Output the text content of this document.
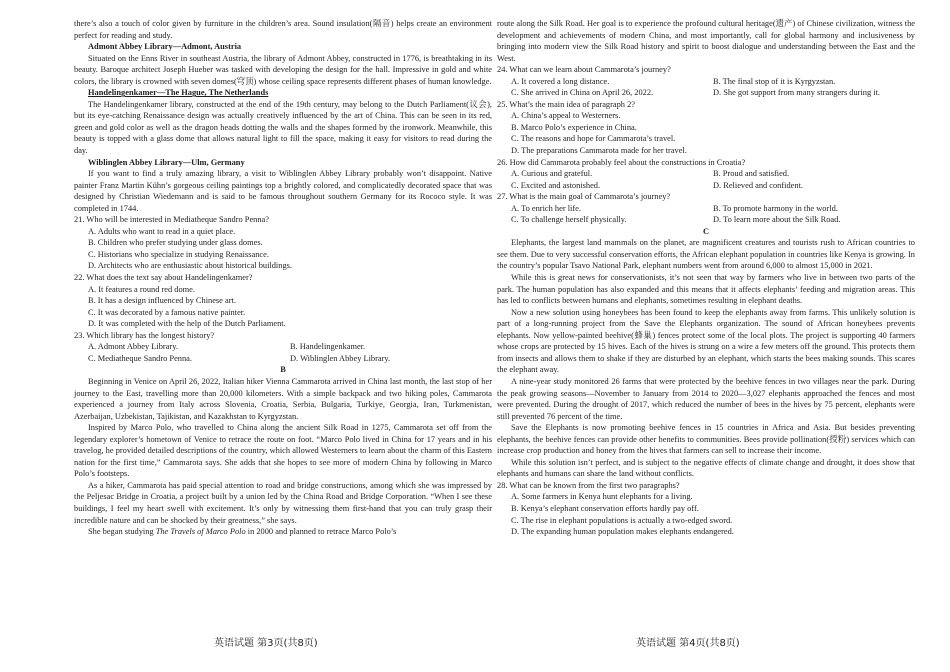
there’s also a touch of color given by furniture in the children’s area. Sound insulation(隔音) helps create an environment perfect for reading and study.

Admont Abbey Library—Admont, Austria

Situated on the Enns River in southeast Austria, the library of Admont Abbey, constructed in 1776, is breathtaking in its beauty. Baroque architect Joseph Hueber was tasked with developing the design for the hall. Impressive in gold and white colors, the library is crowned with seven domes(穹顶) whose ceiling space represents different phases of human knowledge.

Handelingenkamer—The Hague, The Netherlands

The Handelingenkamer library, constructed at the end of the 19th century, may belong to the Dutch Parliament(议会), but its eye-catching Renaissance design was actually creatively influenced by the art of China. This can be seen in its red, green and gold color as well as the dragon heads dotting the walls and the shapes formed by the ironwork. Meanwhile, this beauty is topped with a glass dome that allows natural light to fill the space, making it easy for visitors to read during the day.

Wiblinglen Abbey Library—Ulm, Germany

If you want to find a truly amazing library, a visit to Wiblinglen Abbey Library probably won’t disappoint. Native painter Franz Martin Kühn’s gorgeous ceiling paintings top a brightly colored, and complicatedly decorated space that was designed by Christian Wiedemann and is said to be famous throughout southern Germany for its Rococo style. It was completed in 1744.

21. Who will be interested in Mediatheque Sandro Penna?

A. Adults who want to read in a quiet place.

B. Children who prefer studying under glass domes.

C. Historians who specialize in studying Renaissance.

D. Architects who are enthusiastic about historical buildings.

22. What does the text say about Handelingenkamer?

A. It features a round red dome.

B. It has a design influenced by Chinese art.

C. It was decorated by a famous native painter.

D. It was completed with the help of the Dutch Parliament.

23. Which library has the longest history?

A. Admont Abbey Library.	B. Handelingenkamer.
C. Mediatheque Sandro Penna.	D. Wiblinglen Abbey Library.

B

Beginning in Venice on April 26, 2022, Italian hiker Vienna Cammarota arrived in China last month, the last stop of her journey to the East, travelling more than 20,000 kilometers. With a simple backpack and two hiking poles, Cammarota experienced a journey from Italy across Slovenia, Croatia, Serbia, Bulgaria, Turkiye, Georgia, Iran, Turkmenistan, Azerbaijan, Uzbekistan, Tajikistan, and Kazakhstan to Kyrgyzstan.

Inspired by Marco Polo, who travelled to China along the ancient Silk Road in 1275, Cammarota set off from the legendary explorer’s hometown of Venice to retrace the route on foot. “Marco Polo lived in China for 17 years and in his travelog, he provided detailed descriptions of the country, which allowed Westerners to learn about the charm of this Eastern nation for the first time,” Cammarota says. She adds that she hopes to see more of modern China by following in Marco Polo’s footsteps.

As a hiker, Cammarota has paid special attention to road and bridge constructions, among which she was impressed by the Peljesac Bridge in Croatia, a project built by a union led by the China Road and Bridge Corporation. “When I see these buildings, I feel my heart swell with excitement. It’s only by witnessing them first-hand that you can truly grasp their incredible nature and can be shocked by their greatness,” she says.

She began studying The Travels of Marco Polo in 2000 and planned to retrace Marco Polo’s

route along the Silk Road. Her goal is to experience the profound cultural heritage(遗产) of Chinese civilization, witness the development and achievements of modern China, and most importantly, call for global harmony and inclusiveness by bringing into modern view the Silk Road history and spirit to boost dialogue and understanding between the East and the West.

24. What can we learn about Cammarota’s journey?

A. It covered a long distance.	B. The final stop of it is Kyrgyzstan.
C. She arrived in China on April 26, 2022.	D. She got support from many strangers during it.

25. What’s the main idea of paragraph 2?

A. China’s appeal to Westerners.

B. Marco Polo’s experience in China.

C. The reasons and hope for Cammarota’s travel.

D. The preparations Cammarota made for her travel.

26. How did Cammarota probably feel about the constructions in Croatia?

A. Curious and grateful.	B. Proud and satisfied.
C. Excited and astonished.	D. Relieved and confident.

27. What is the main goal of Cammarota’s journey?

A. To enrich her life.	B. To promote harmony in the world.
C. To challenge herself physically.	D. To learn more about the Silk Road.

C

Elephants, the largest land mammals on the planet, are magnificent creatures and tourists rush to African countries to see them. Due to very successful conservation efforts, the African elephant population in countries like Kenya is growing. In the country’s popular Tsavo National Park, elephant numbers went from around 6,000 to almost 15,000 in 2021.

While this is great news for conservationists, it’s not seen that way by farmers who live in between two parts of the park. The human population has also expanded and this means that it affects elephants’ feeding and migration areas. This has led to conflicts between humans and elephants, sometimes resulting in elephant deaths.

Now a new solution using honeybees has been found to keep the elephants away from farms. This unlikely solution is part of a long-running project from the Save the Elephants organization. The sound of African honeybees prevents elephants. Now yellow-painted beehive(蜂巢) fences protect some of the local plots. The project is supporting 40 farmers whose crops are protected by 15 hives. Each of the hives is strung on a wire a few meters off the ground. This protects them from insects and allows them to shake if they are disturbed by an elephant, which starts the bees making sounds. This scares the elephant away.

A nine-year study monitored 26 farms that were protected by the beehive fences in two villages near the park. During the peak growing seasons—November to January from 2014 to 2020—3,027 elephants approached the fences and most were prevented. During the drought of 2017, which reduced the number of bees in the hives by 75 percent, elephants were still prevented 76 percent of the time.

Save the Elephants is now promoting beehive fences in 15 countries in Africa and Asia. But besides preventing elephants, the beehive fences can provide other benefits to communities. Bees provide pollination(授粉) services which can increase crop production and honey from the hives that farmers can sell to increase their income.

While this solution isn’t perfect, and is subject to the negative effects of climate change and drought, it does show that elephants and humans can share the land without conflicts.

28. What can be known from the first two paragraphs?

A. Some farmers in Kenya hunt elephants for a living.

B. Kenya’s elephant conservation efforts hardly pay off.

C. The rise in elephant populations is actually a two-edged sword.

D. The expanding human population makes elephants endangered.

英语试题 第3页(共8页)	英语试题 第4页(共8页)
